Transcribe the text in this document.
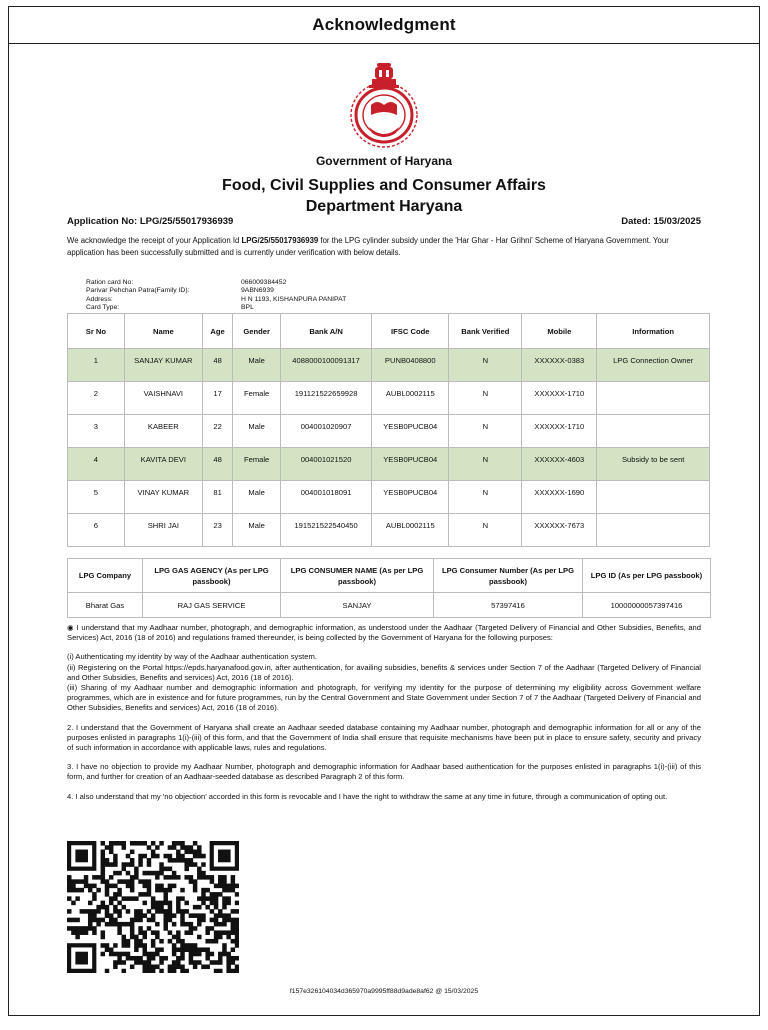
Acknowledgment
Government of Haryana
Food, Civil Supplies and Consumer Affairs
Department Haryana
Application No: LPG/25/55017936939	Dated: 15/03/2025
We acknowledge the receipt of your Application Id LPG/25/55017936939 for the LPG cylinder subsidy under the 'Har Ghar - Har Grihni' Scheme of Haryana Government. Your application has been successfully submitted and is currently under verification with below details.
Ration card No:	066009384452
Parivar Pehchan Patra(Family ID):	9ABN6939
Address:	H N 1193, KISHANPURA PANIPAT
Card Type:	BPL
Sr No	Name	Age	Gender	Bank A/N	IFSC Code	Bank Verified	Mobile	Information
1	SANJAY KUMAR	48	Male	4088000100091317	PUNB0408800	N	XXXXXX-0383	LPG Connection Owner
2	VAISHNAVI	17	Female	191121522659928	AUBL0002115	N	XXXXXX-1710	
3	KABEER	22	Male	004001020907	YESB0PUCB04	N	XXXXXX-1710	
4	KAVITA DEVI	48	Female	004001021520	YESB0PUCB04	N	XXXXXX-4603	Subsidy to be sent
5	VINAY KUMAR	81	Male	004001018091	YESB0PUCB04	N	XXXXXX-1690	
6	SHRI JAI	23	Male	191521522540450	AUBL0002115	N	XXXXXX-7673	
LPG Company	LPG GAS AGENCY (As per LPG passbook)	LPG CONSUMER NAME (As per LPG passbook)	LPG Consumer Number (As per LPG passbook)	LPG ID (As per LPG passbook)
Bharat Gas	RAJ GAS SERVICE	SANJAY	57397416	10000000057397416

◉ I understand that my Aadhaar number, photograph, and demographic information, as understood under the Aadhaar (Targeted Delivery of Financial and Other Subsidies, Benefits, and Services) Act, 2016 (18 of 2016) and regulations framed thereunder, is being collected by the Government of Haryana for the following purposes:

(i) Authenticating my identity by way of the Aadhaar authentication system.
(ii) Registering on the Portal https://epds.haryanafood.gov.in, after authentication, for availing subsidies, benefits & services under Section 7 of the Aadhaar (Targeted Delivery of Financial and Other Subsidies, Benefits and services) Act, 2016 (18 of 2016).
(iii) Sharing of my Aadhaar number and demographic information and photograph, for verifying my identity for the purpose of determining my eligibility across Government welfare programmes, which are in existence and for future programmes, run by the Central Government and State Government under Section 7 of 7 the Aadhaar (Targeted Delivery of Financial and Other Subsidies, Benefits and services) Act, 2016 (18 of 2016).

2. I understand that the Government of Haryana shall create an Aadhaar seeded database containing my Aadhaar number, photograph and demographic information for all or any of the purposes enlisted in paragraphs 1(i)-(iii) of this form, and that the Government of India shall ensure that requisite mechanisms have been put in place to ensure safety, security and privacy of such information in accordance with applicable laws, rules and regulations.

3. I have no objection to provide my Aadhaar Number, photograph and demographic information for Aadhaar based authentication for the purposes enlisted in paragraphs 1(i)-(iii) of this form, and further for creation of an Aadhaar-seeded database as described Paragraph 2 of this form.

4. I also understand that my 'no objection' accorded in this form is revocable and I have the right to withdraw the same at any time in future, through a communication of opting out.

f157e326104034d365970a9995ff88d9ade8af62 @ 15/03/2025
